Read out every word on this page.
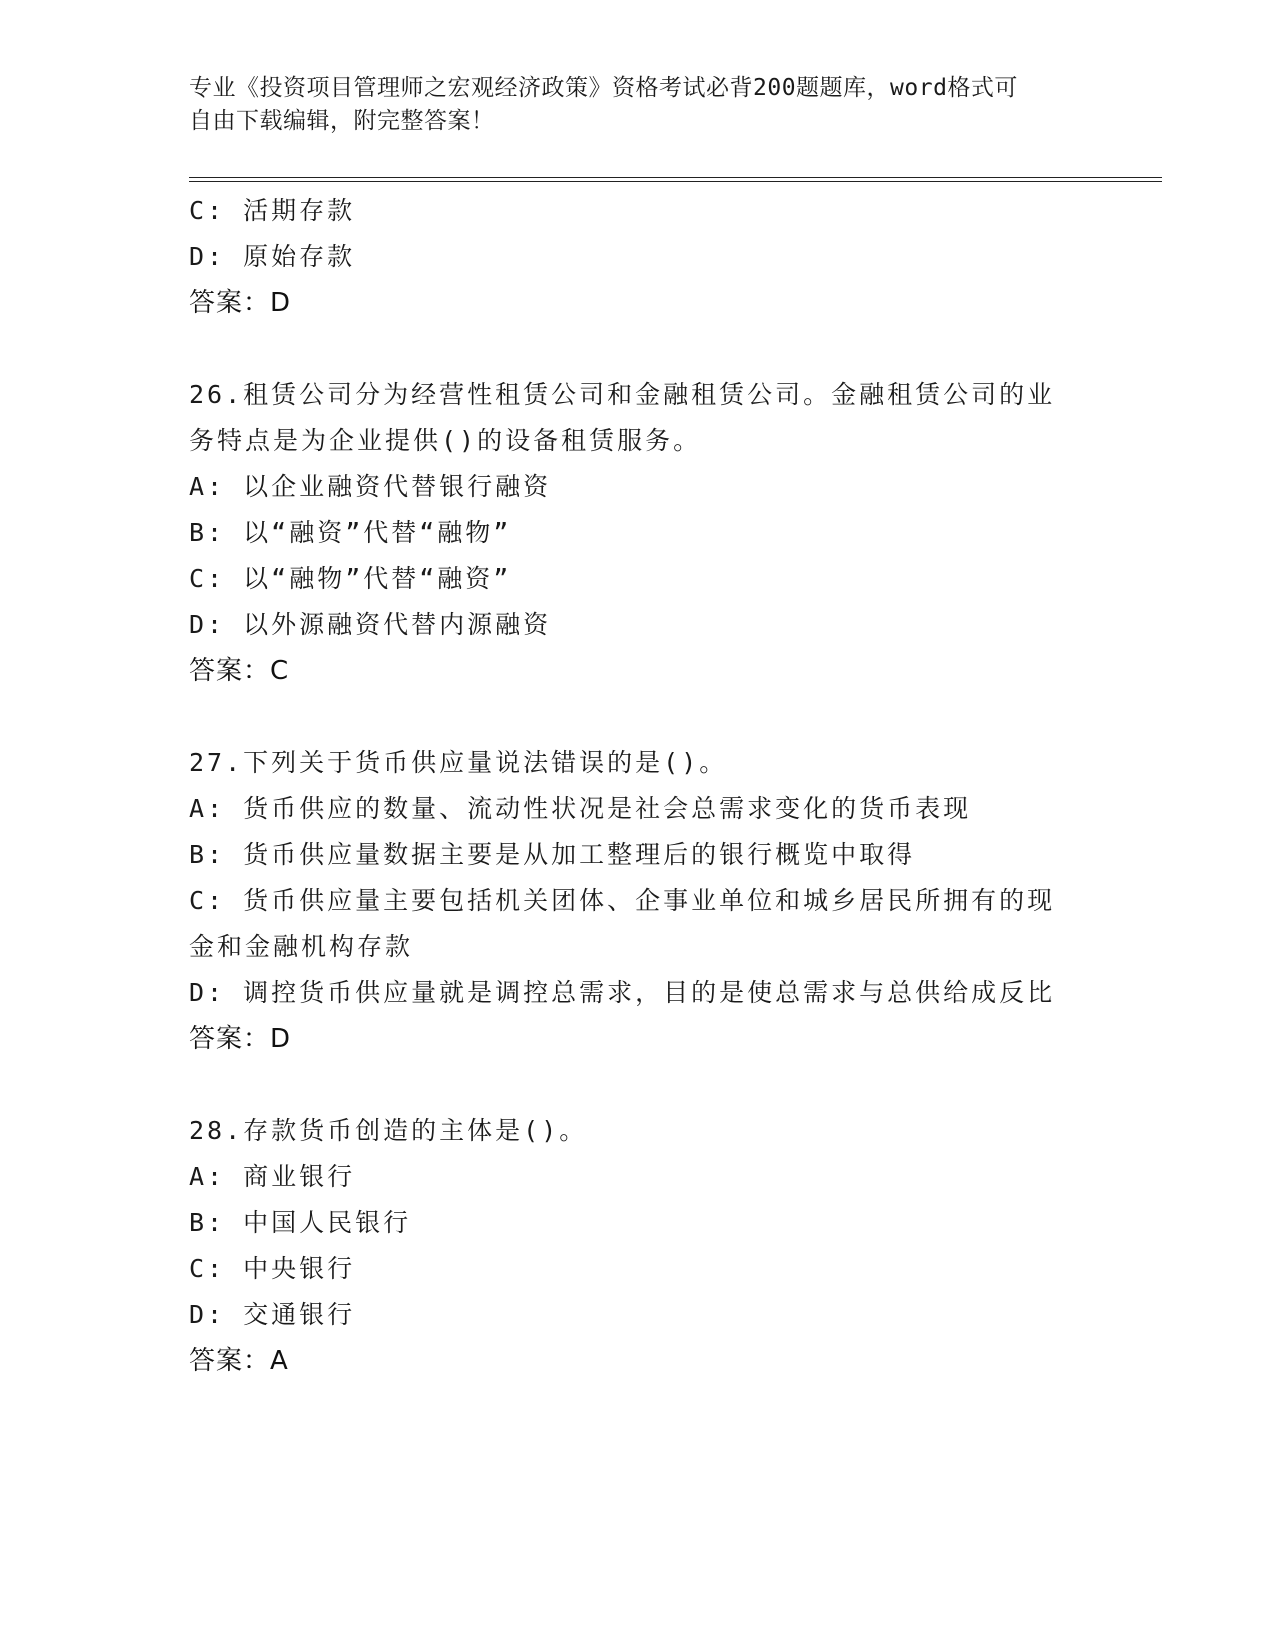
专业《投资项目管理师之宏观经济政策》资格考试必背200题题库，word格式可
自由下载编辑，附完整答案！
C: 活期存款
D: 原始存款
答案：D
26.租赁公司分为经营性租赁公司和金融租赁公司。金融租赁公司的业
务特点是为企业提供()的设备租赁服务。
A: 以企业融资代替银行融资
B: 以“融资”代替“融物”
C: 以“融物”代替“融资”
D: 以外源融资代替内源融资
答案：C
27.下列关于货币供应量说法错误的是()。
A: 货币供应的数量、流动性状况是社会总需求变化的货币表现
B: 货币供应量数据主要是从加工整理后的银行概览中取得
C: 货币供应量主要包括机关团体、企事业单位和城乡居民所拥有的现
金和金融机构存款
D: 调控货币供应量就是调控总需求，目的是使总需求与总供给成反比
答案：D
28.存款货币创造的主体是()。
A: 商业银行
B: 中国人民银行
C: 中央银行
D: 交通银行
答案：A
